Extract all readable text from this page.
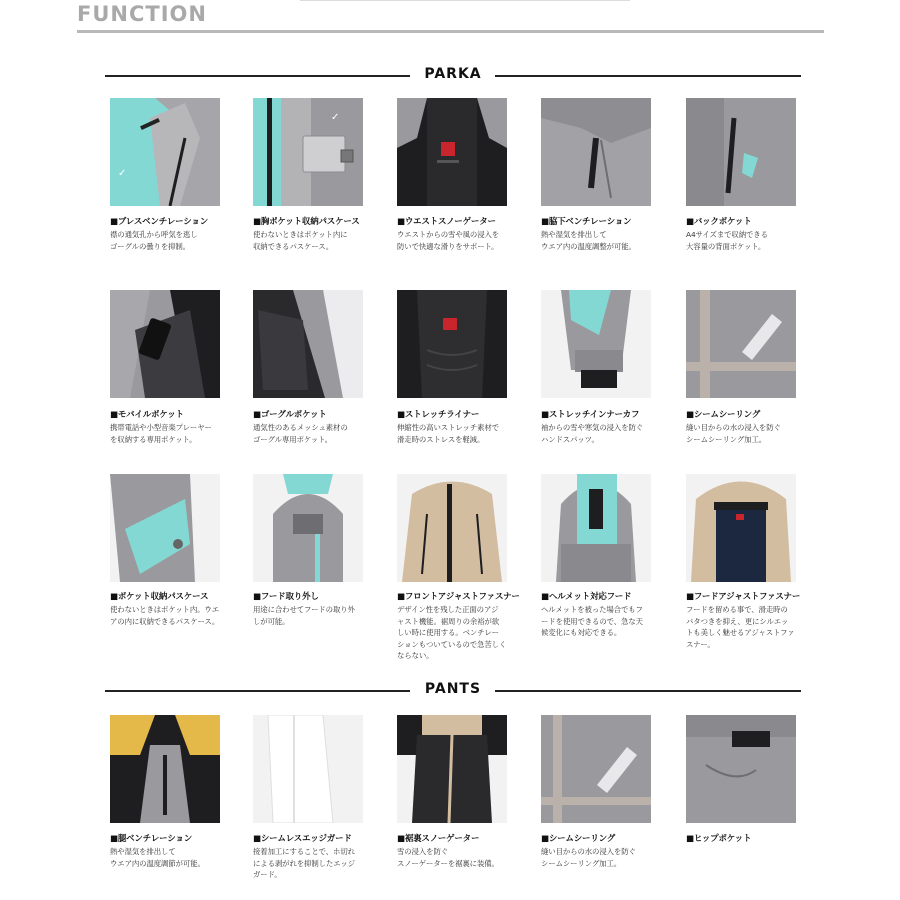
FUNCTION
PARKA
PANTS
✓
■ブレスベンチレーション
襟の通気孔から呼気を逃し
ゴーグルの曇りを抑制。
✓
■胸ポケット収納パスケース
使わないときはポケット内に
収納できるパスケース。
■ウエストスノーゲーター
ウエストからの雪や風の浸入を
防いで快適な滑りをサポート。
■脇下ベンチレーション
熱や湿気を排出して
ウエア内の温度調整が可能。
■バックポケット
A4サイズまで収納できる
大容量の背面ポケット。
■モバイルポケット
携帯電話や小型音楽プレーヤー
を収納する専用ポケット。
■ゴーグルポケット
通気性のあるメッシュ素材の
ゴーグル専用ポケット。
■ストレッチライナー
伸縮性の高いストレッチ素材で
滑走時のストレスを軽減。
■ストレッチインナーカフ
袖からの雪や寒気の浸入を防ぐ
ハンドスパッツ。
■シームシーリング
縫い目からの水の浸入を防ぐ
シームシーリング加工。
■ポケット収納パスケース
使わないときはポケット内。ウエ
アの内に収納できるパスケース。
■フード取り外し
用途に合わせてフードの取り外
しが可能。
■フロントアジャストファスナー
デザイン性を残した正面のアジ
ャスト機能。裾周りの余裕が欲
しい時に使用する。ベンチレー
ションもついているので急苦しく
ならない。
■ヘルメット対応フード
ヘルメットを被った場合でもフ
ードを使用できるので、急な天
候変化にも対応できる。
■フードアジャストファスナー
フードを留める事で、滑走時の
バタつきを抑え、更にシルエッ
トも美しく魅せるアジャストファ
スナー。
■腿ベンチレーション
熱や湿気を排出して
ウエア内の温度調節が可能。
■シームレスエッジガード
接着加工にすることで、ホ切れ
による剥がれを抑制したエッジ
ガード。
■裾裏スノーゲーター
雪の浸入を防ぐ
スノーゲーターを裾裏に装備。
■シームシーリング
縫い目からの水の浸入を防ぐ
シームシーリング加工。
■ヒップポケット
